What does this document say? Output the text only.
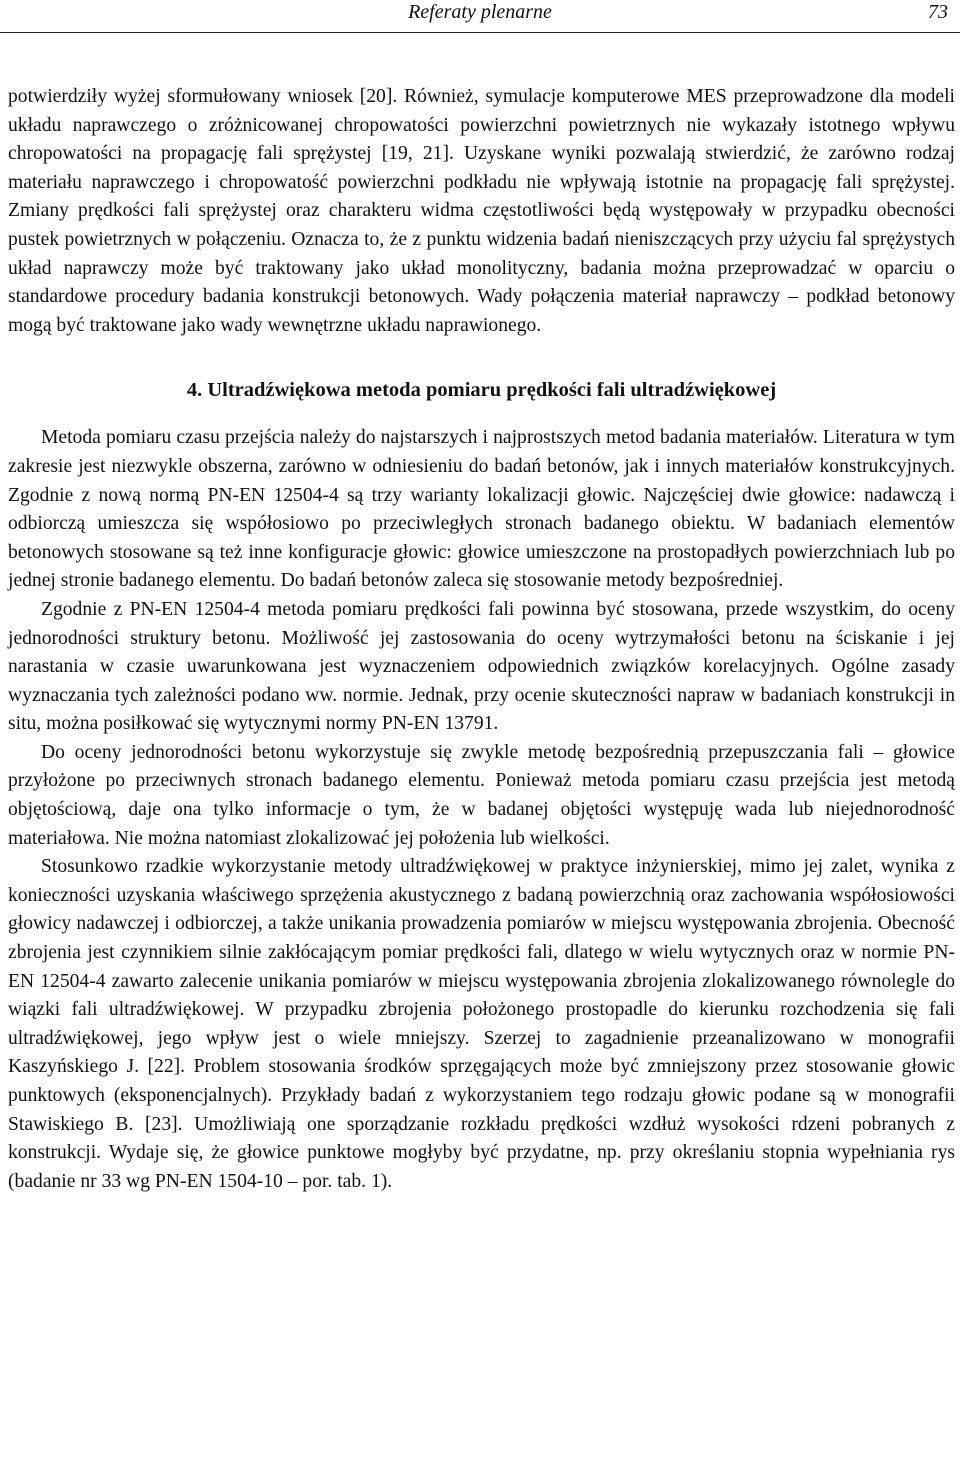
Referaty plenarne	73

potwierdziły wyżej sformułowany wniosek [20]. Również, symulacje komputerowe MES przeprowadzone dla modeli układu naprawczego o zróżnicowanej chropowatości powierzchni powietrznych nie wykazały istotnego wpływu chropowatości na propagację fali sprężystej [19, 21]. Uzyskane wyniki pozwalają stwierdzić, że zarówno rodzaj materiału naprawczego i chropowatość powierzchni podkładu nie wpływają istotnie na propagację fali sprężystej. Zmiany prędkości fali sprężystej oraz charakteru widma częstotliwości będą występowały w przypadku obecności pustek powietrznych w połączeniu. Oznacza to, że z punktu widzenia badań nieniszczących przy użyciu fal sprężystych układ naprawczy może być traktowany jako układ monolityczny, badania można przeprowadzać w oparciu o standardowe procedury badania konstrukcji betonowych. Wady połączenia materiał naprawczy – podkład betonowy mogą być traktowane jako wady wewnętrzne układu naprawionego.

4. Ultradźwiękowa metoda pomiaru prędkości fali ultradźwiękowej

Metoda pomiaru czasu przejścia należy do najstarszych i najprostszych metod badania materiałów. Literatura w tym zakresie jest niezwykle obszerna, zarówno w odniesieniu do badań betonów, jak i innych materiałów konstrukcyjnych. Zgodnie z nową normą PN-EN 12504-4 są trzy warianty lokalizacji głowic. Najczęściej dwie głowice: nadawczą i odbiorczą umieszcza się współosiowo po przeciwległych stronach badanego obiektu. W badaniach elementów betonowych stosowane są też inne konfiguracje głowic: głowice umieszczone na prostopadłych powierzchniach lub po jednej stronie badanego elementu. Do badań betonów zaleca się stosowanie metody bezpośredniej.

Zgodnie z PN-EN 12504-4 metoda pomiaru prędkości fali powinna być stosowana, przede wszystkim, do oceny jednorodności struktury betonu. Możliwość jej zastosowania do oceny wytrzymałości betonu na ściskanie i jej narastania w czasie uwarunkowana jest wyznaczeniem odpowiednich związków korelacyjnych. Ogólne zasady wyznaczania tych zależności podano ww. normie. Jednak, przy ocenie skuteczności napraw w badaniach konstrukcji in situ, można posiłkować się wytycznymi normy PN-EN 13791.

Do oceny jednorodności betonu wykorzystuje się zwykle metodę bezpośrednią przepuszczania fali – głowice przyłożone po przeciwnych stronach badanego elementu. Ponieważ metoda pomiaru czasu przejścia jest metodą objętościową, daje ona tylko informacje o tym, że w badanej objętości występuję wada lub niejednorodność materiałowa. Nie można natomiast zlokalizować jej położenia lub wielkości.

Stosunkowo rzadkie wykorzystanie metody ultradźwiękowej w praktyce inżynierskiej, mimo jej zalet, wynika z konieczności uzyskania właściwego sprzężenia akustycznego z badaną powierzchnią oraz zachowania współosiowości głowicy nadawczej i odbiorczej, a także unikania prowadzenia pomiarów w miejscu występowania zbrojenia. Obecność zbrojenia jest czynnikiem silnie zakłócającym pomiar prędkości fali, dlatego w wielu wytycznych oraz w normie PN-EN 12504-4 zawarto zalecenie unikania pomiarów w miejscu występowania zbrojenia zlokalizowanego równolegle do wiązki fali ultradźwiękowej. W przypadku zbrojenia położonego prostopadle do kierunku rozchodzenia się fali ultradźwiękowej, jego wpływ jest o wiele mniejszy. Szerzej to zagadnienie przeanalizowano w monografii Kaszyńskiego J. [22]. Problem stosowania środków sprzęgających może być zmniejszony przez stosowanie głowic punktowych (eksponencjalnych). Przykłady badań z wykorzystaniem tego rodzaju głowic podane są w monografii Stawiskiego B. [23]. Umożliwiają one sporządzanie rozkładu prędkości wzdłuż wysokości rdzeni pobranych z konstrukcji. Wydaje się, że głowice punktowe mogłyby być przydatne, np. przy określaniu stopnia wypełniania rys (badanie nr 33 wg PN-EN 1504-10 – por. tab. 1).
